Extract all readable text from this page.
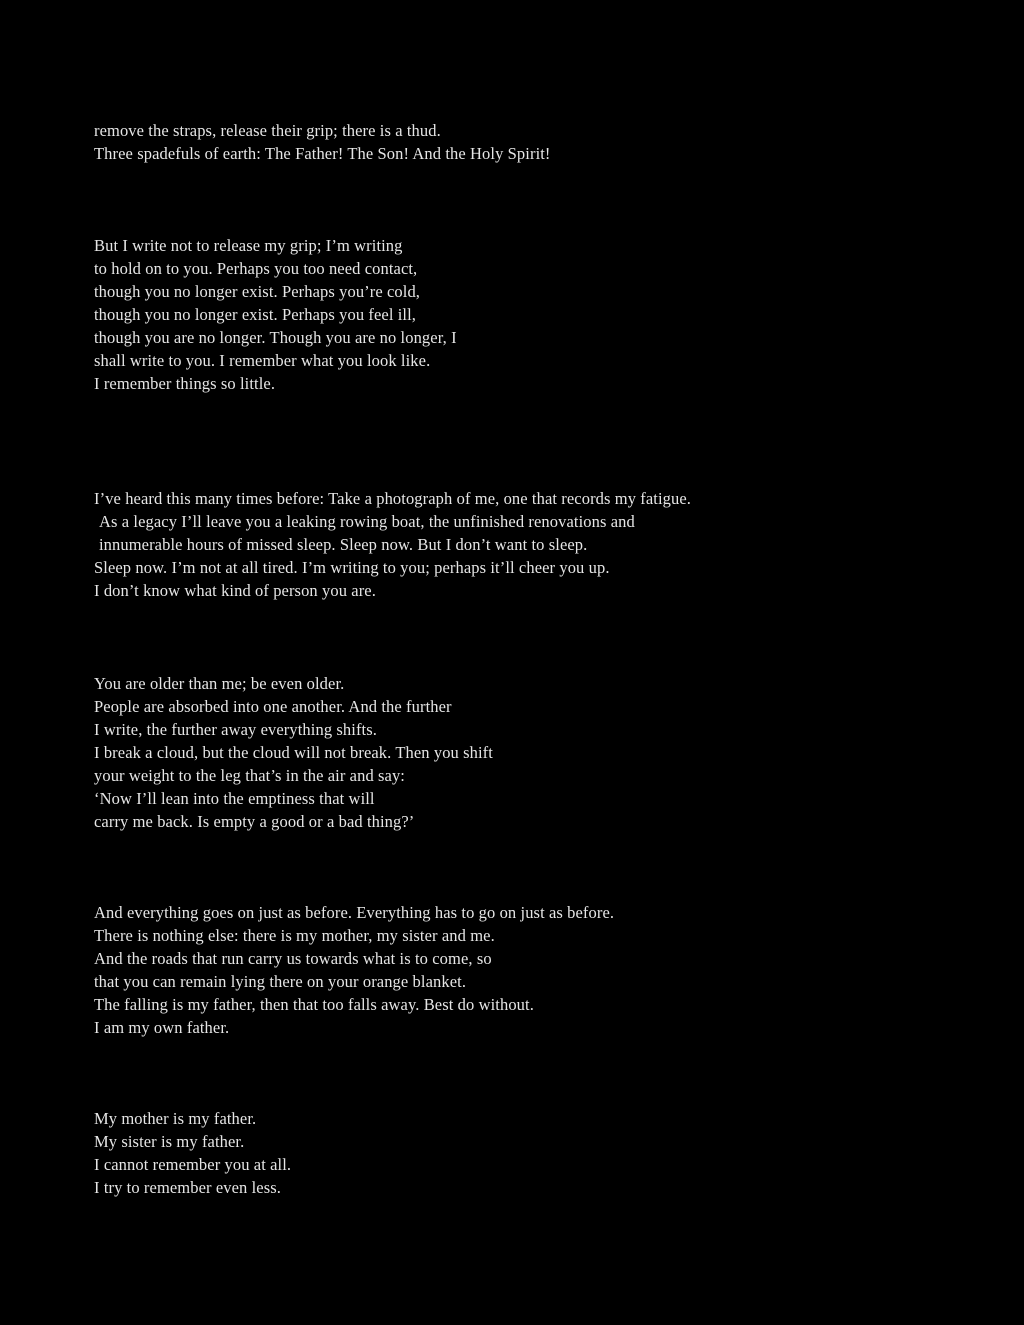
remove the straps, release their grip; there is a thud.
Three spadefuls of earth: The Father! The Son! And the Holy Spirit!
But I write not to release my grip; I’m writing
to hold on to you. Perhaps you too need contact,
though you no longer exist. Perhaps you’re cold,
though you no longer exist. Perhaps you feel ill,
though you are no longer. Though you are no longer, I
shall write to you. I remember what you look like.
I remember things so little.
I’ve heard this many times before: Take a photograph of me, one that records my fatigue.
As a legacy I’ll leave you a leaking rowing boat, the unfinished renovations and
innumerable hours of missed sleep. Sleep now. But I don’t want to sleep.
Sleep now. I’m not at all tired. I’m writing to you; perhaps it’ll cheer you up.
I don’t know what kind of person you are.
You are older than me; be even older.
People are absorbed into one another. And the further
I write, the further away everything shifts.
I break a cloud, but the cloud will not break. Then you shift
your weight to the leg that’s in the air and say:
‘Now I’ll lean into the emptiness that will
carry me back. Is empty a good or a bad thing?’
And everything goes on just as before. Everything has to go on just as before.
There is nothing else: there is my mother, my sister and me.
And the roads that run carry us towards what is to come, so
that you can remain lying there on your orange blanket.
The falling is my father, then that too falls away. Best do without.
I am my own father.
My mother is my father.
My sister is my father.
I cannot remember you at all.
I try to remember even less.
